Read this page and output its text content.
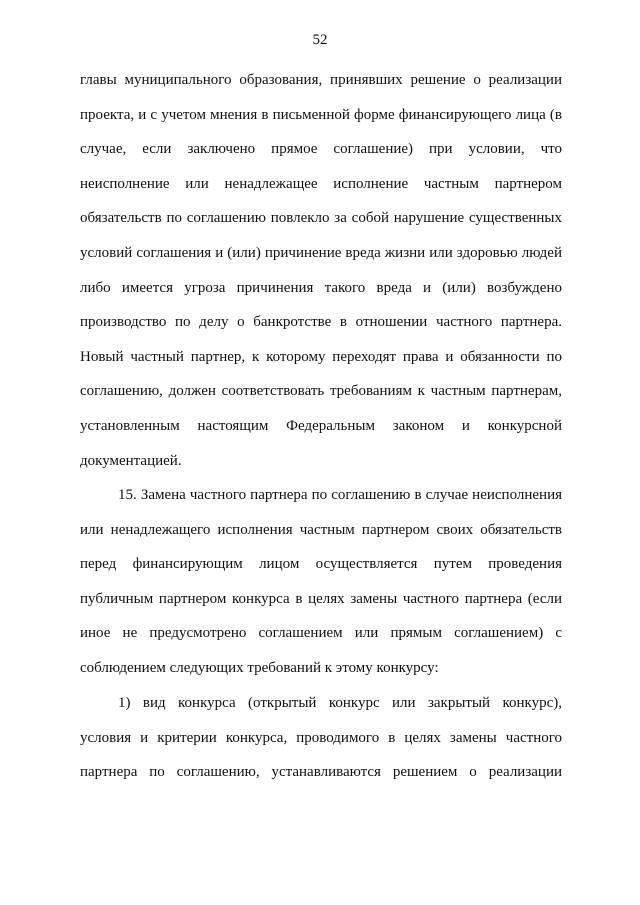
52
главы муниципального образования, принявших решение о реализации
проекта, и с учетом мнения в письменной форме финансирующего лица (в
случае, если заключено прямое соглашение) при условии, что
неисполнение или ненадлежащее исполнение частным партнером
обязательств по соглашению повлекло за собой нарушение существенных
условий соглашения и (или) причинение вреда жизни или здоровью людей
либо имеется угроза причинения такого вреда и (или) возбуждено
производство по делу о банкротстве в отношении частного партнера.
Новый частный партнер, к которому переходят права и обязанности по
соглашению, должен соответствовать требованиям к частным партнерам,
установленным настоящим Федеральным законом и конкурсной
документацией.
15. Замена частного партнера по соглашению в случае неисполнения
или ненадлежащего исполнения частным партнером своих обязательств
перед финансирующим лицом осуществляется путем проведения
публичным партнером конкурса в целях замены частного партнера (если
иное не предусмотрено соглашением или прямым соглашением) с
соблюдением следующих требований к этому конкурсу:
1) вид конкурса (открытый конкурс или закрытый конкурс),
условия и критерии конкурса, проводимого в целях замены частного
партнера по соглашению, устанавливаются решением о реализации
